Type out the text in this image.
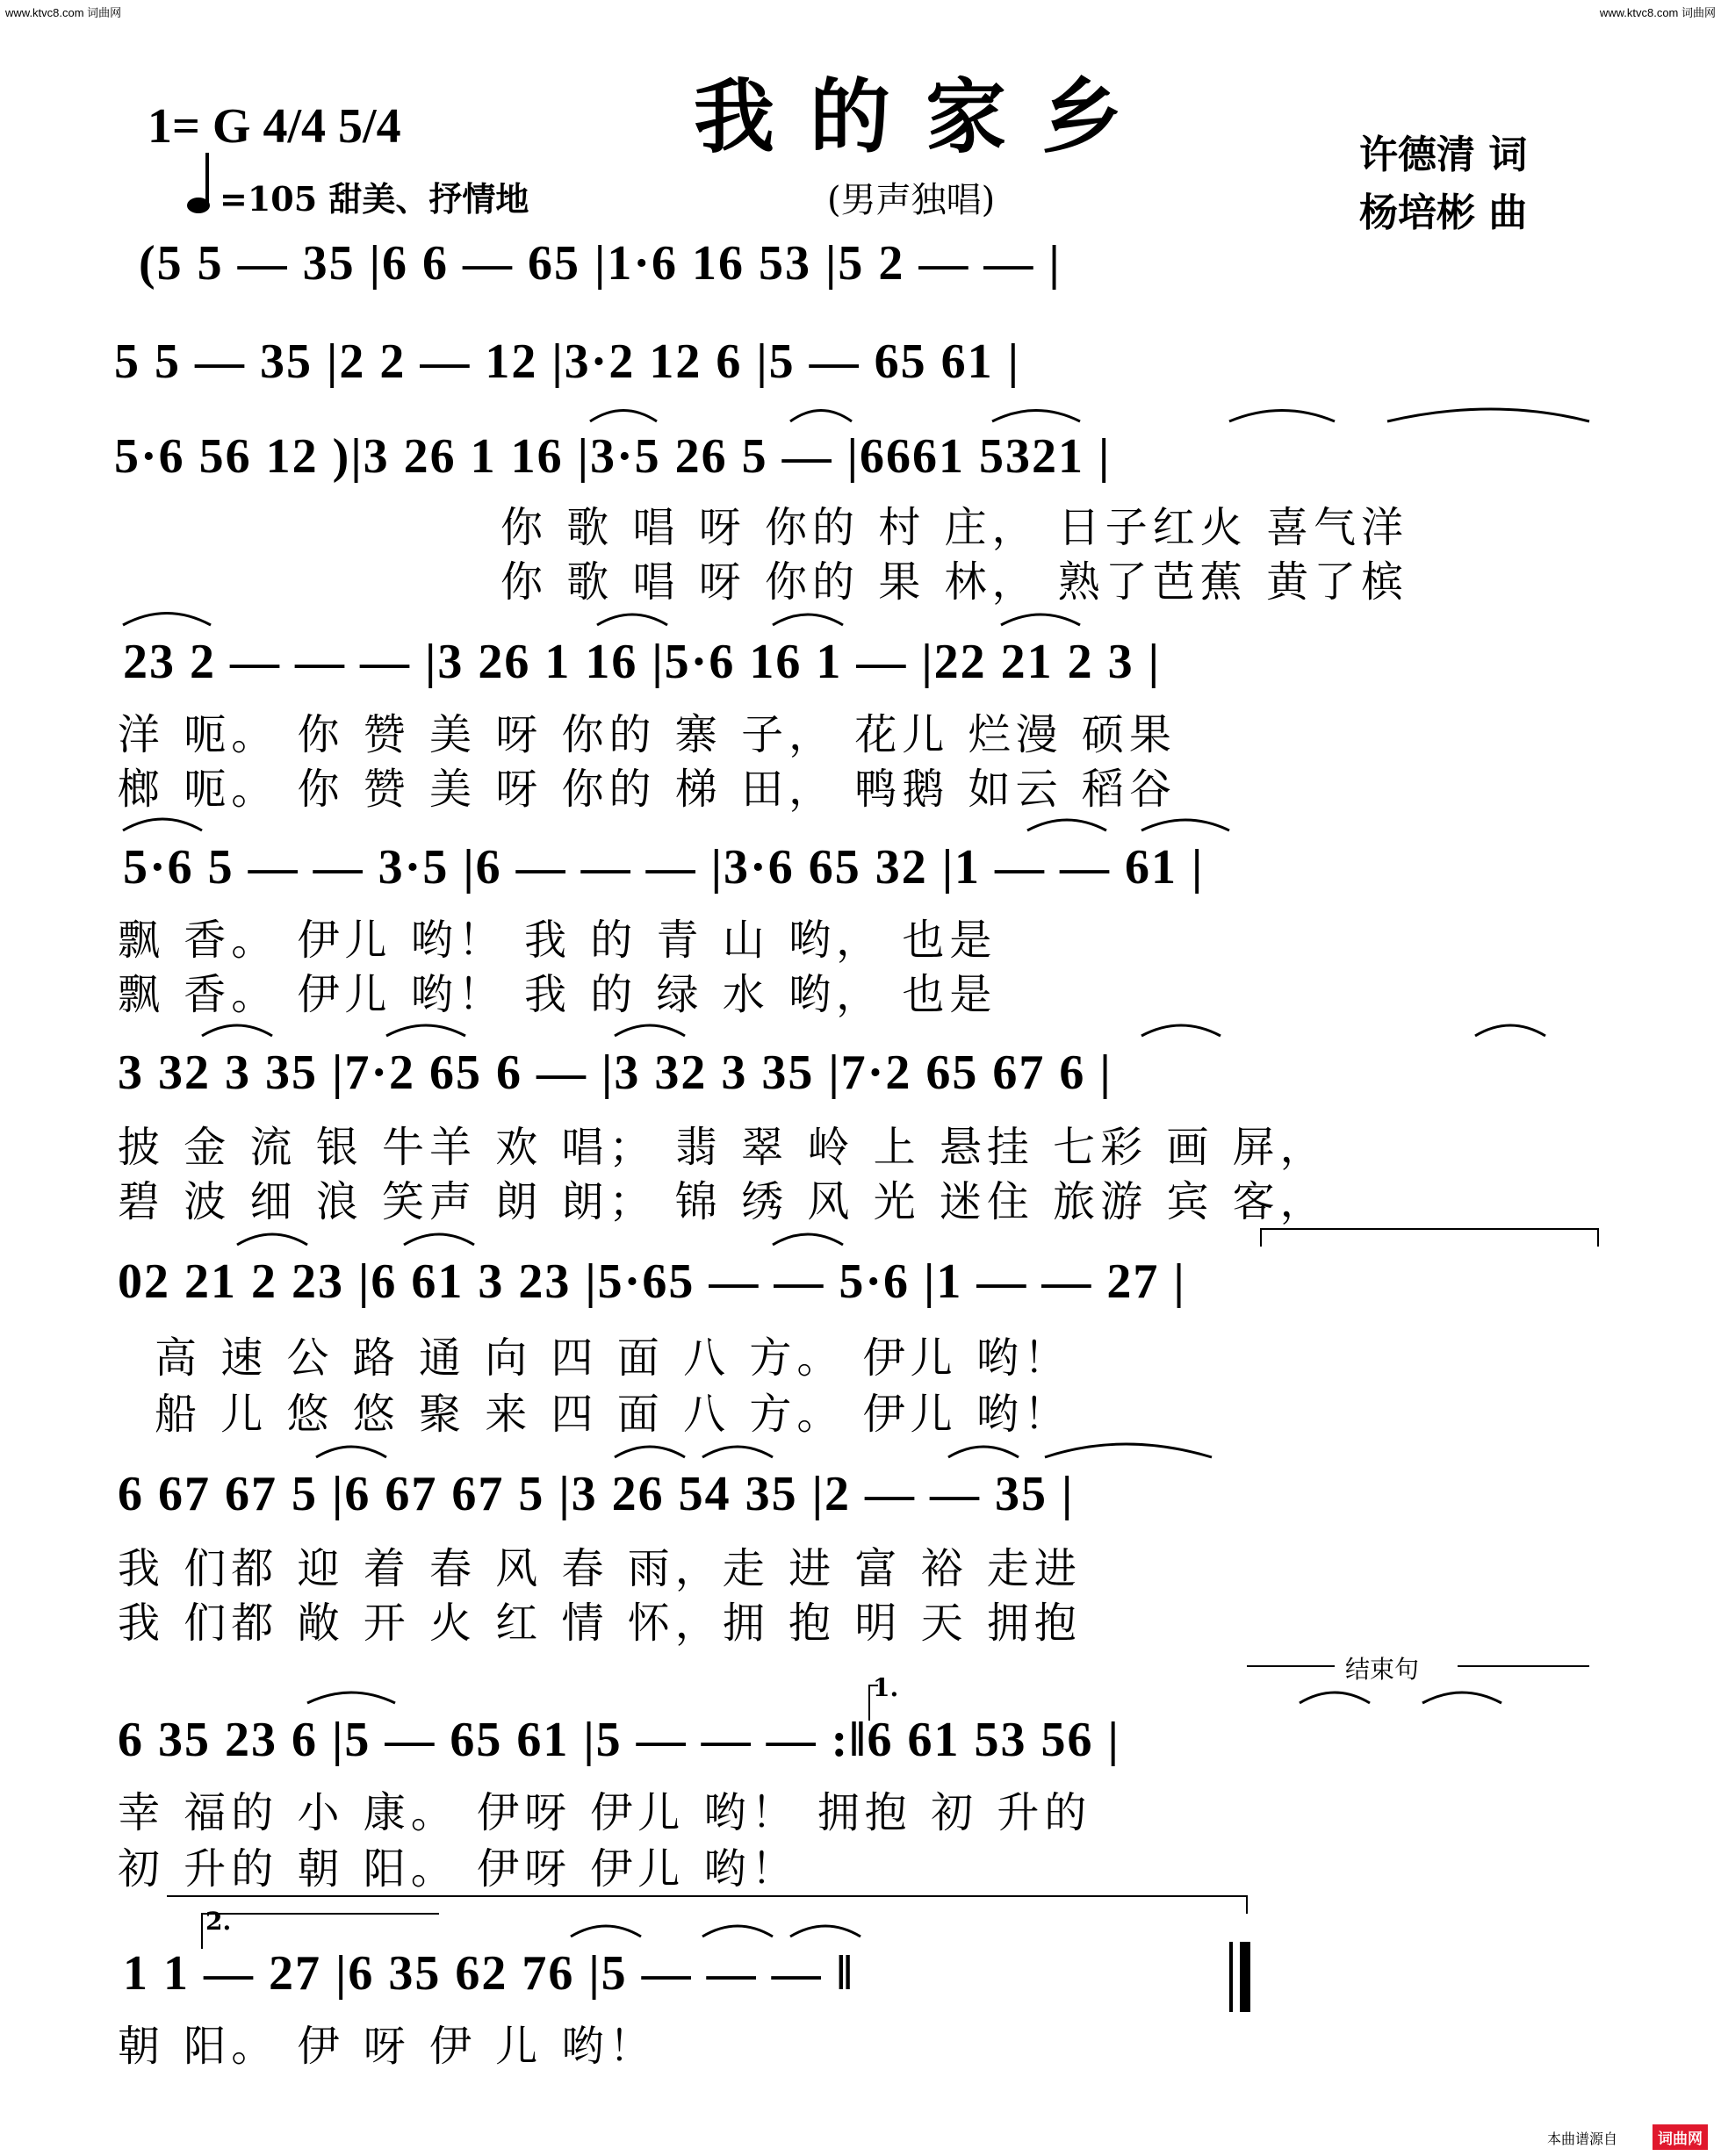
www.ktvc8.com 词曲网	www.ktvc8.com 词曲网
1= G 4/4 5/4	我的家乡
=105 甜美、抒情地	(男声独唱)
许德清 词
杨培彬 曲
(5 5 — 35 |6 6 — 65 |1·6 16 53 |5 2 — — |
5 5 — 35 |2 2 — 12 |3·2 12 6 |5 — 65 61 |
5·6 56 12 )|3 26 1 16 |3·5 26 5 — |6661 5321 |
你 歌 唱 呀 你的 村 庄， 日子红火 喜气洋
你 歌 唱 呀 你的 果 林， 熟了芭蕉 黄了槟
23 2 — — — |3 26 1 16 |5·6 16 1 — |22 21 2 3 |
洋 呃。 你 赞 美 呀 你的 寨 子， 花儿 烂漫 硕果
榔 呃。 你 赞 美 呀 你的 梯 田， 鸭鹅 如云 稻谷
5·6 5 — — 3·5 |6 — — — |3·6 65 32 |1 — — 61 |
飘 香。 伊儿 哟！ 我 的 青 山 哟， 也是
飘 香。 伊儿 哟！ 我 的 绿 水 哟， 也是
3 32 3 35 |7·2 65 6 — |3 32 3 35 |7·2 65 67 6 |
披 金 流 银 牛羊 欢 唱； 翡 翠 岭 上 悬挂 七彩 画 屏，
碧 波 细 浪 笑声 朗 朗； 锦 绣 风 光 迷住 旅游 宾 客，
02 21 2 23 |6 61 3 23 |5·65 — — 5·6 |1 — — 27 |
高 速 公 路 通 向 四 面 八 方。 伊儿 哟！
船 儿 悠 悠 聚 来 四 面 八 方。 伊儿 哟！
6 67 67 5 |6 67 67 5 |3 26 54 35 |2 — — 35 |
我 们都 迎 着 春 风 春 雨，走 进 富 裕 走进
我 们都 敞 开 火 红 情 怀，拥 抱 明 天 拥抱
结束句
1.
6 35 23 6 |5 — 65 61 |5 — — — :‖6 61 53 56 |
幸 福的 小 康。 伊呀 伊儿 哟！ 拥抱 初 升的
初 升的 朝 阳。 伊呀 伊儿 哟！
2.
1 1 — 27 |6 35 62 76 |5 — — — ‖
朝 阳。 伊 呀 伊 儿 哟！
本曲谱源自	词曲网
